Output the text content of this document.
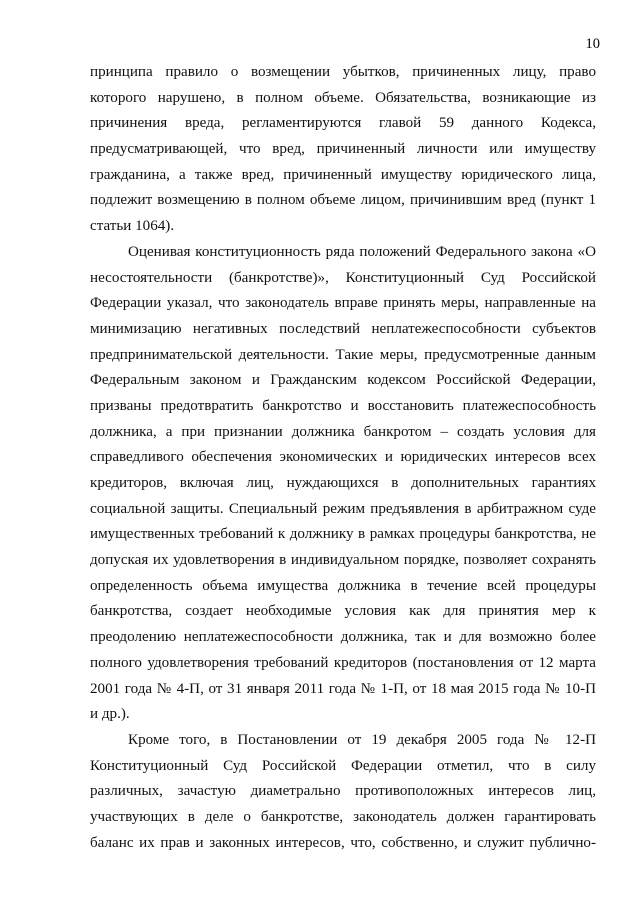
10
принципа правило о возмещении убытков, причиненных лицу, право
которого нарушено, в полном объеме. Обязательства, возникающие из
причинения вреда, регламентируются главой 59 данного Кодекса,
предусматривающей, что вред, причиненный личности или имуществу
гражданина, а также вред, причиненный имуществу юридического лица,
подлежит возмещению в полном объеме лицом, причинившим вред (пункт 1
статьи 1064).
Оценивая конституционность ряда положений Федерального закона «О
несостоятельности (банкротстве)», Конституционный Суд Российской
Федерации указал, что законодатель вправе принять меры, направленные на
минимизацию негативных последствий неплатежеспособности субъектов
предпринимательской деятельности. Такие меры, предусмотренные данным
Федеральным законом и Гражданским кодексом Российской Федерации,
призваны предотвратить банкротство и восстановить платежеспособность
должника, а при признании должника банкротом – создать условия для
справедливого обеспечения экономических и юридических интересов всех
кредиторов, включая лиц, нуждающихся в дополнительных гарантиях
социальной защиты. Специальный режим предъявления в арбитражном суде
имущественных требований к должнику в рамках процедуры банкротства, не
допуская их удовлетворения в индивидуальном порядке, позволяет сохранять
определенность объема имущества должника в течение всей процедуры
банкротства, создает необходимые условия как для принятия мер к
преодолению неплатежеспособности должника, так и для возможно более
полного удовлетворения требований кредиторов (постановления от 12 марта
2001 года № 4-П, от 31 января 2011 года № 1-П, от 18 мая 2015 года № 10-П
и др.).
Кроме того, в Постановлении от 19 декабря 2005 года № 12-П
Конституционный Суд Российской Федерации отметил, что в силу
различных, зачастую диаметрально противоположных интересов лиц,
участвующих в деле о банкротстве, законодатель должен гарантировать
баланс их прав и законных интересов, что, собственно, и служит публично-
